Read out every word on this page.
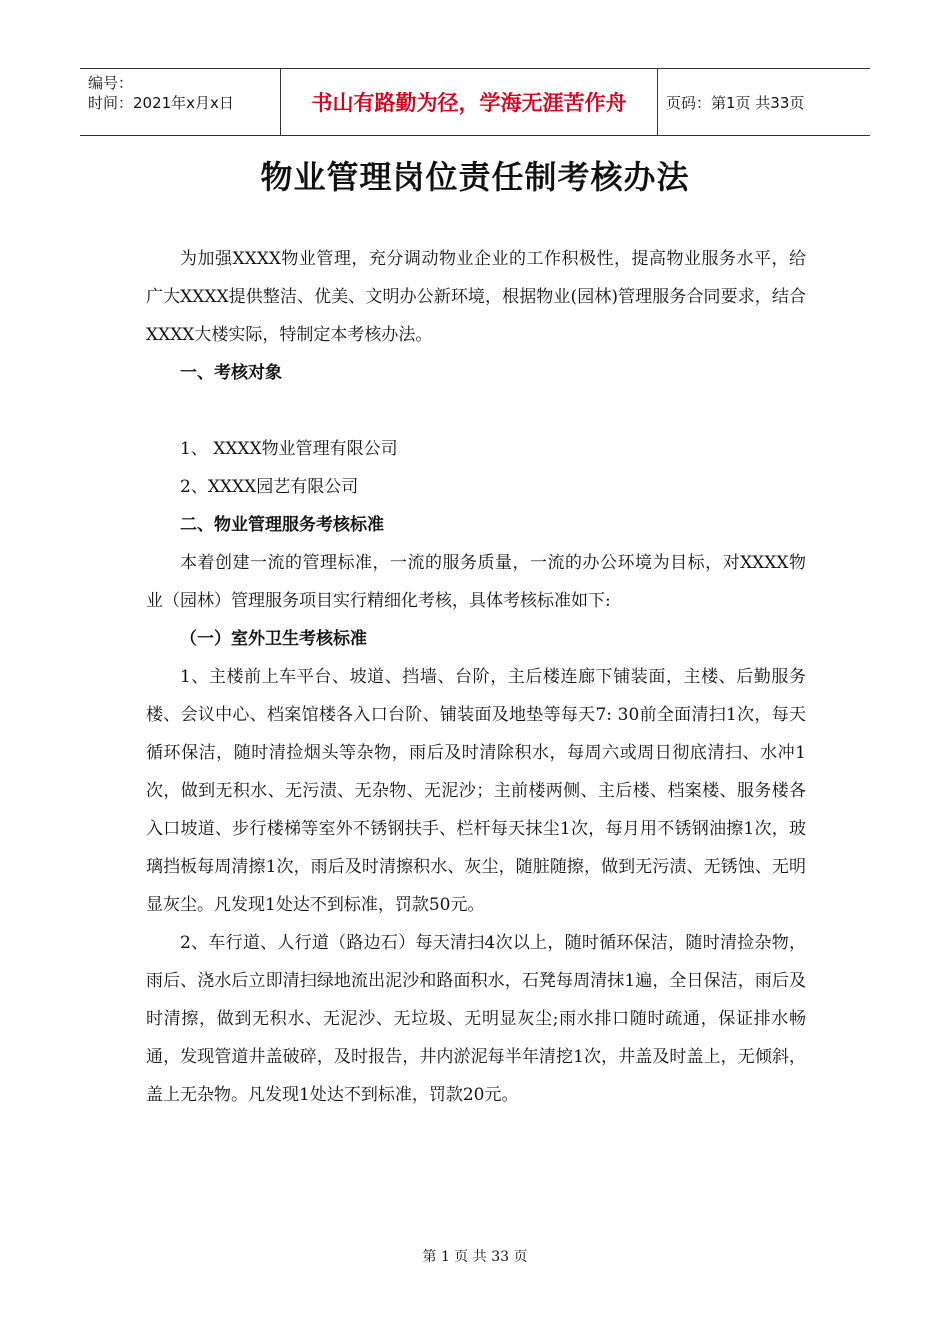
编号：
时间：2021年x月x日	书山有路勤为径，学海无涯苦作舟	页码：第1页 共33页
物业管理岗位责任制考核办法

为加强XXXX物业管理，充分调动物业企业的工作积极性，提高物业服务水平，给广大XXXX提供整洁、优美、文明办公新环境，根据物业(园林)管理服务合同要求，结合XXXX大楼实际，特制定本考核办法。

一、考核对象

1、 XXXX物业管理有限公司

2、XXXX园艺有限公司

二、物业管理服务考核标准

本着创建一流的管理标准，一流的服务质量，一流的办公环境为目标，对XXXX物业（园林）管理服务项目实行精细化考核，具体考核标准如下:

（一）室外卫生考核标准

1、主楼前上车平台、坡道、挡墙、台阶，主后楼连廊下铺装面，主楼、后勤服务楼、会议中心、档案馆楼各入口台阶、铺装面及地垫等每天7: 30前全面清扫1次，每天循环保洁，随时清捡烟头等杂物，雨后及时清除积水，每周六或周日彻底清扫、水冲1次，做到无积水、无污渍、无杂物、无泥沙；主前楼两侧、主后楼、档案楼、服务楼各入口坡道、步行楼梯等室外不锈钢扶手、栏杆每天抹尘1次，每月用不锈钢油擦1次，玻璃挡板每周清擦1次，雨后及时清擦积水、灰尘，随脏随擦，做到无污渍、无锈蚀、无明显灰尘。凡发现1处达不到标准，罚款50元。

2、车行道、人行道（路边石）每天清扫4次以上，随时循环保洁，随时清捡杂物，雨后、浇水后立即清扫绿地流出泥沙和路面积水，石凳每周清抹1遍，全日保洁，雨后及时清擦，做到无积水、无泥沙、无垃圾、无明显灰尘;雨水排口随时疏通，保证排水畅通，发现管道井盖破碎，及时报告，井内淤泥每半年清挖1次，井盖及时盖上，无倾斜，盖上无杂物。凡发现1处达不到标准，罚款20元。

第 1 页 共 33 页
